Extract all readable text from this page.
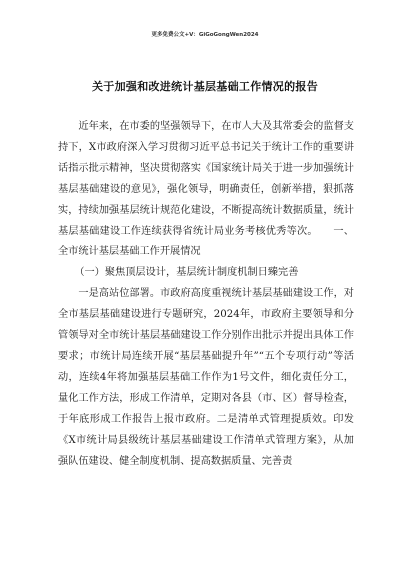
更多免费公文+V：GiGoGongWen2024
关于加强和改进统计基层基础工作情况的报告

近年来，在市委的坚强领导下，在市人大及其常委会的监督支持下，X市政府深入学习贯彻习近平总书记关于统计工作的重要讲话指示批示精神，坚决贯彻落实《国家统计局关于进一步加强统计基层基础建设的意见》，强化领导，明确责任，创新举措，狠抓落实，持续加强基层统计规范化建设，不断提高统计数据质量，统计基层基础建设工作连续获得省统计局业务考核优秀等次。　　一、全市统计基层基础工作开展情况

（一）聚焦顶层设计，基层统计制度机制日臻完善

一是高站位部署。市政府高度重视统计基层基础建设工作，对全市基层基础建设进行专题研究，2024年，市政府主要领导和分管领导对全市统计基层基础建设工作分别作出批示并提出具体工作要求；市统计局连续开展“基层基础提升年”“五个专项行动”等活动，连续4年将加强基层基础工作作为1号文件，细化责任分工，量化工作方法，形成工作清单，定期对各县（市、区）督导检查，于年底形成工作报告上报市政府。二是清单式管理提质效。印发《X市统计局县级统计基层基础建设工作清单式管理方案》，从加强队伍建设、健全制度机制、提高数据质量、完善责
